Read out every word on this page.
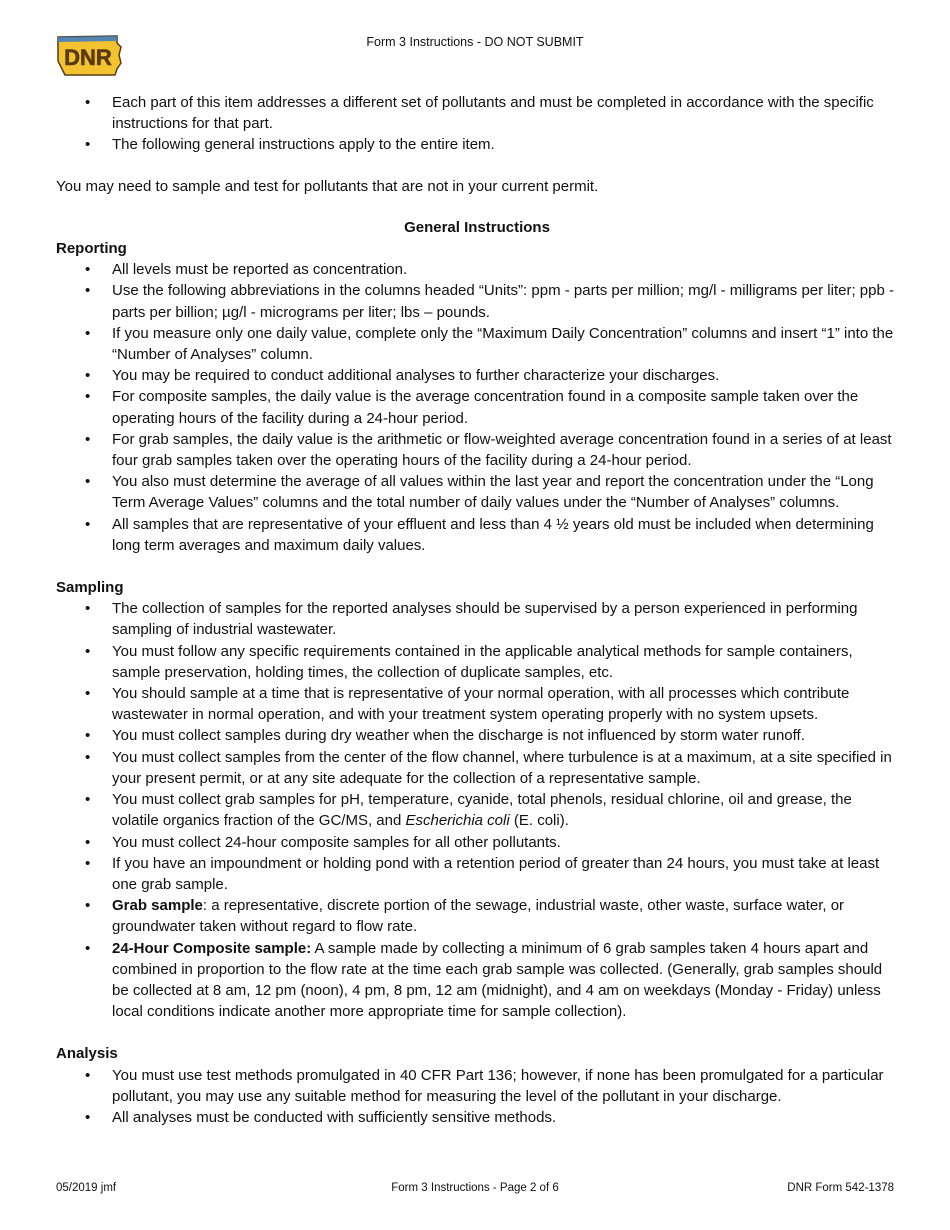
DNR
Form 3 Instructions - DO NOT SUBMIT
• Each part of this item addresses a different set of pollutants and must be completed in accordance with the specific instructions for that part.
• The following general instructions apply to the entire item.
You may need to sample and test for pollutants that are not in your current permit.
General Instructions
Reporting
• All levels must be reported as concentration.
• Use the following abbreviations in the columns headed “Units”: ppm - parts per million; mg/l - milligrams per liter; ppb - parts per billion; µg/l - micrograms per liter; lbs – pounds.
• If you measure only one daily value, complete only the “Maximum Daily Concentration” columns and insert “1” into the “Number of Analyses” column.
• You may be required to conduct additional analyses to further characterize your discharges.
• For composite samples, the daily value is the average concentration found in a composite sample taken over the operating hours of the facility during a 24-hour period.
• For grab samples, the daily value is the arithmetic or flow-weighted average concentration found in a series of at least four grab samples taken over the operating hours of the facility during a 24-hour period.
• You also must determine the average of all values within the last year and report the concentration under the “Long Term Average Values” columns and the total number of daily values under the “Number of Analyses” columns.
• All samples that are representative of your effluent and less than 4 ½ years old must be included when determining long term averages and maximum daily values.
Sampling
• The collection of samples for the reported analyses should be supervised by a person experienced in performing sampling of industrial wastewater.
• You must follow any specific requirements contained in the applicable analytical methods for sample containers, sample preservation, holding times, the collection of duplicate samples, etc.
• You should sample at a time that is representative of your normal operation, with all processes which contribute wastewater in normal operation, and with your treatment system operating properly with no system upsets.
• You must collect samples during dry weather when the discharge is not influenced by storm water runoff.
• You must collect samples from the center of the flow channel, where turbulence is at a maximum, at a site specified in your present permit, or at any site adequate for the collection of a representative sample.
• You must collect grab samples for pH, temperature, cyanide, total phenols, residual chlorine, oil and grease, the volatile organics fraction of the GC/MS, and Escherichia coli (E. coli).
• You must collect 24-hour composite samples for all other pollutants.
• If you have an impoundment or holding pond with a retention period of greater than 24 hours, you must take at least one grab sample.
• Grab sample: a representative, discrete portion of the sewage, industrial waste, other waste, surface water, or groundwater taken without regard to flow rate.
• 24-Hour Composite sample: A sample made by collecting a minimum of 6 grab samples taken 4 hours apart and combined in proportion to the flow rate at the time each grab sample was collected. (Generally, grab samples should be collected at 8 am, 12 pm (noon), 4 pm, 8 pm, 12 am (midnight), and 4 am on weekdays (Monday - Friday) unless local conditions indicate another more appropriate time for sample collection).
Analysis
• You must use test methods promulgated in 40 CFR Part 136; however, if none has been promulgated for a particular pollutant, you may use any suitable method for measuring the level of the pollutant in your discharge.
• All analyses must be conducted with sufficiently sensitive methods.
05/2019 jmf	Form 3 Instructions - Page 2 of 6	DNR Form 542-1378
